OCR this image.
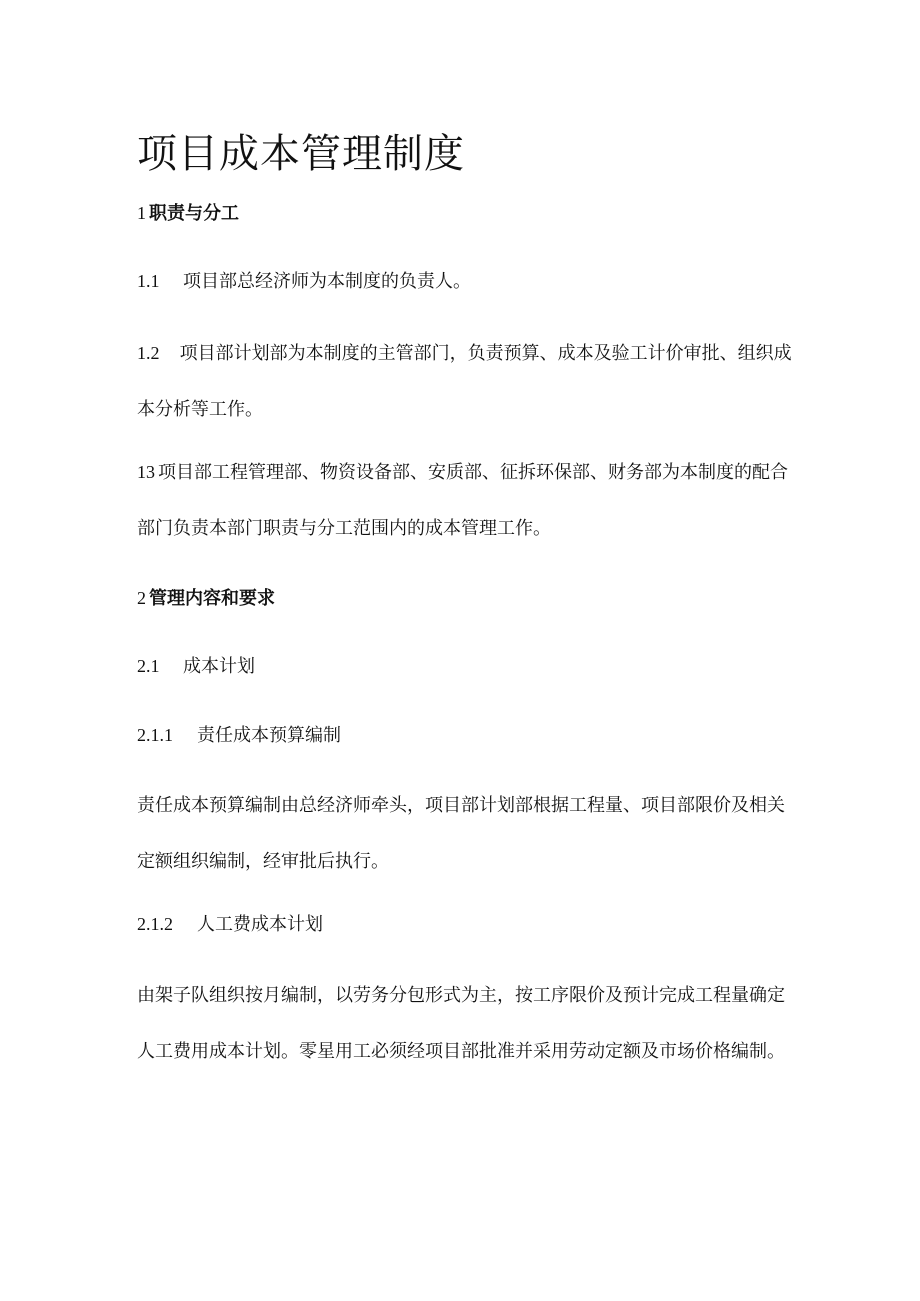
项目成本管理制度
1 职责与分工

1.1 项目部总经济师为本制度的负责人。

1.2 项目部计划部为本制度的主管部门，负责预算、成本及验工计价审批、组织成本分析等工作。

13 项目部工程管理部、物资设备部、安质部、征拆环保部、财务部为本制度的配合部门负责本部门职责与分工范围内的成本管理工作。

2 管理内容和要求

2.1 成本计划

2.1.1 责任成本预算编制

责任成本预算编制由总经济师牵头，项目部计划部根据工程量、项目部限价及相关定额组织编制，经审批后执行。

2.1.2 人工费成本计划

由架子队组织按月编制，以劳务分包形式为主，按工序限价及预计完成工程量确定人工费用成本计划。零星用工必须经项目部批准并采用劳动定额及市场价格编制。
